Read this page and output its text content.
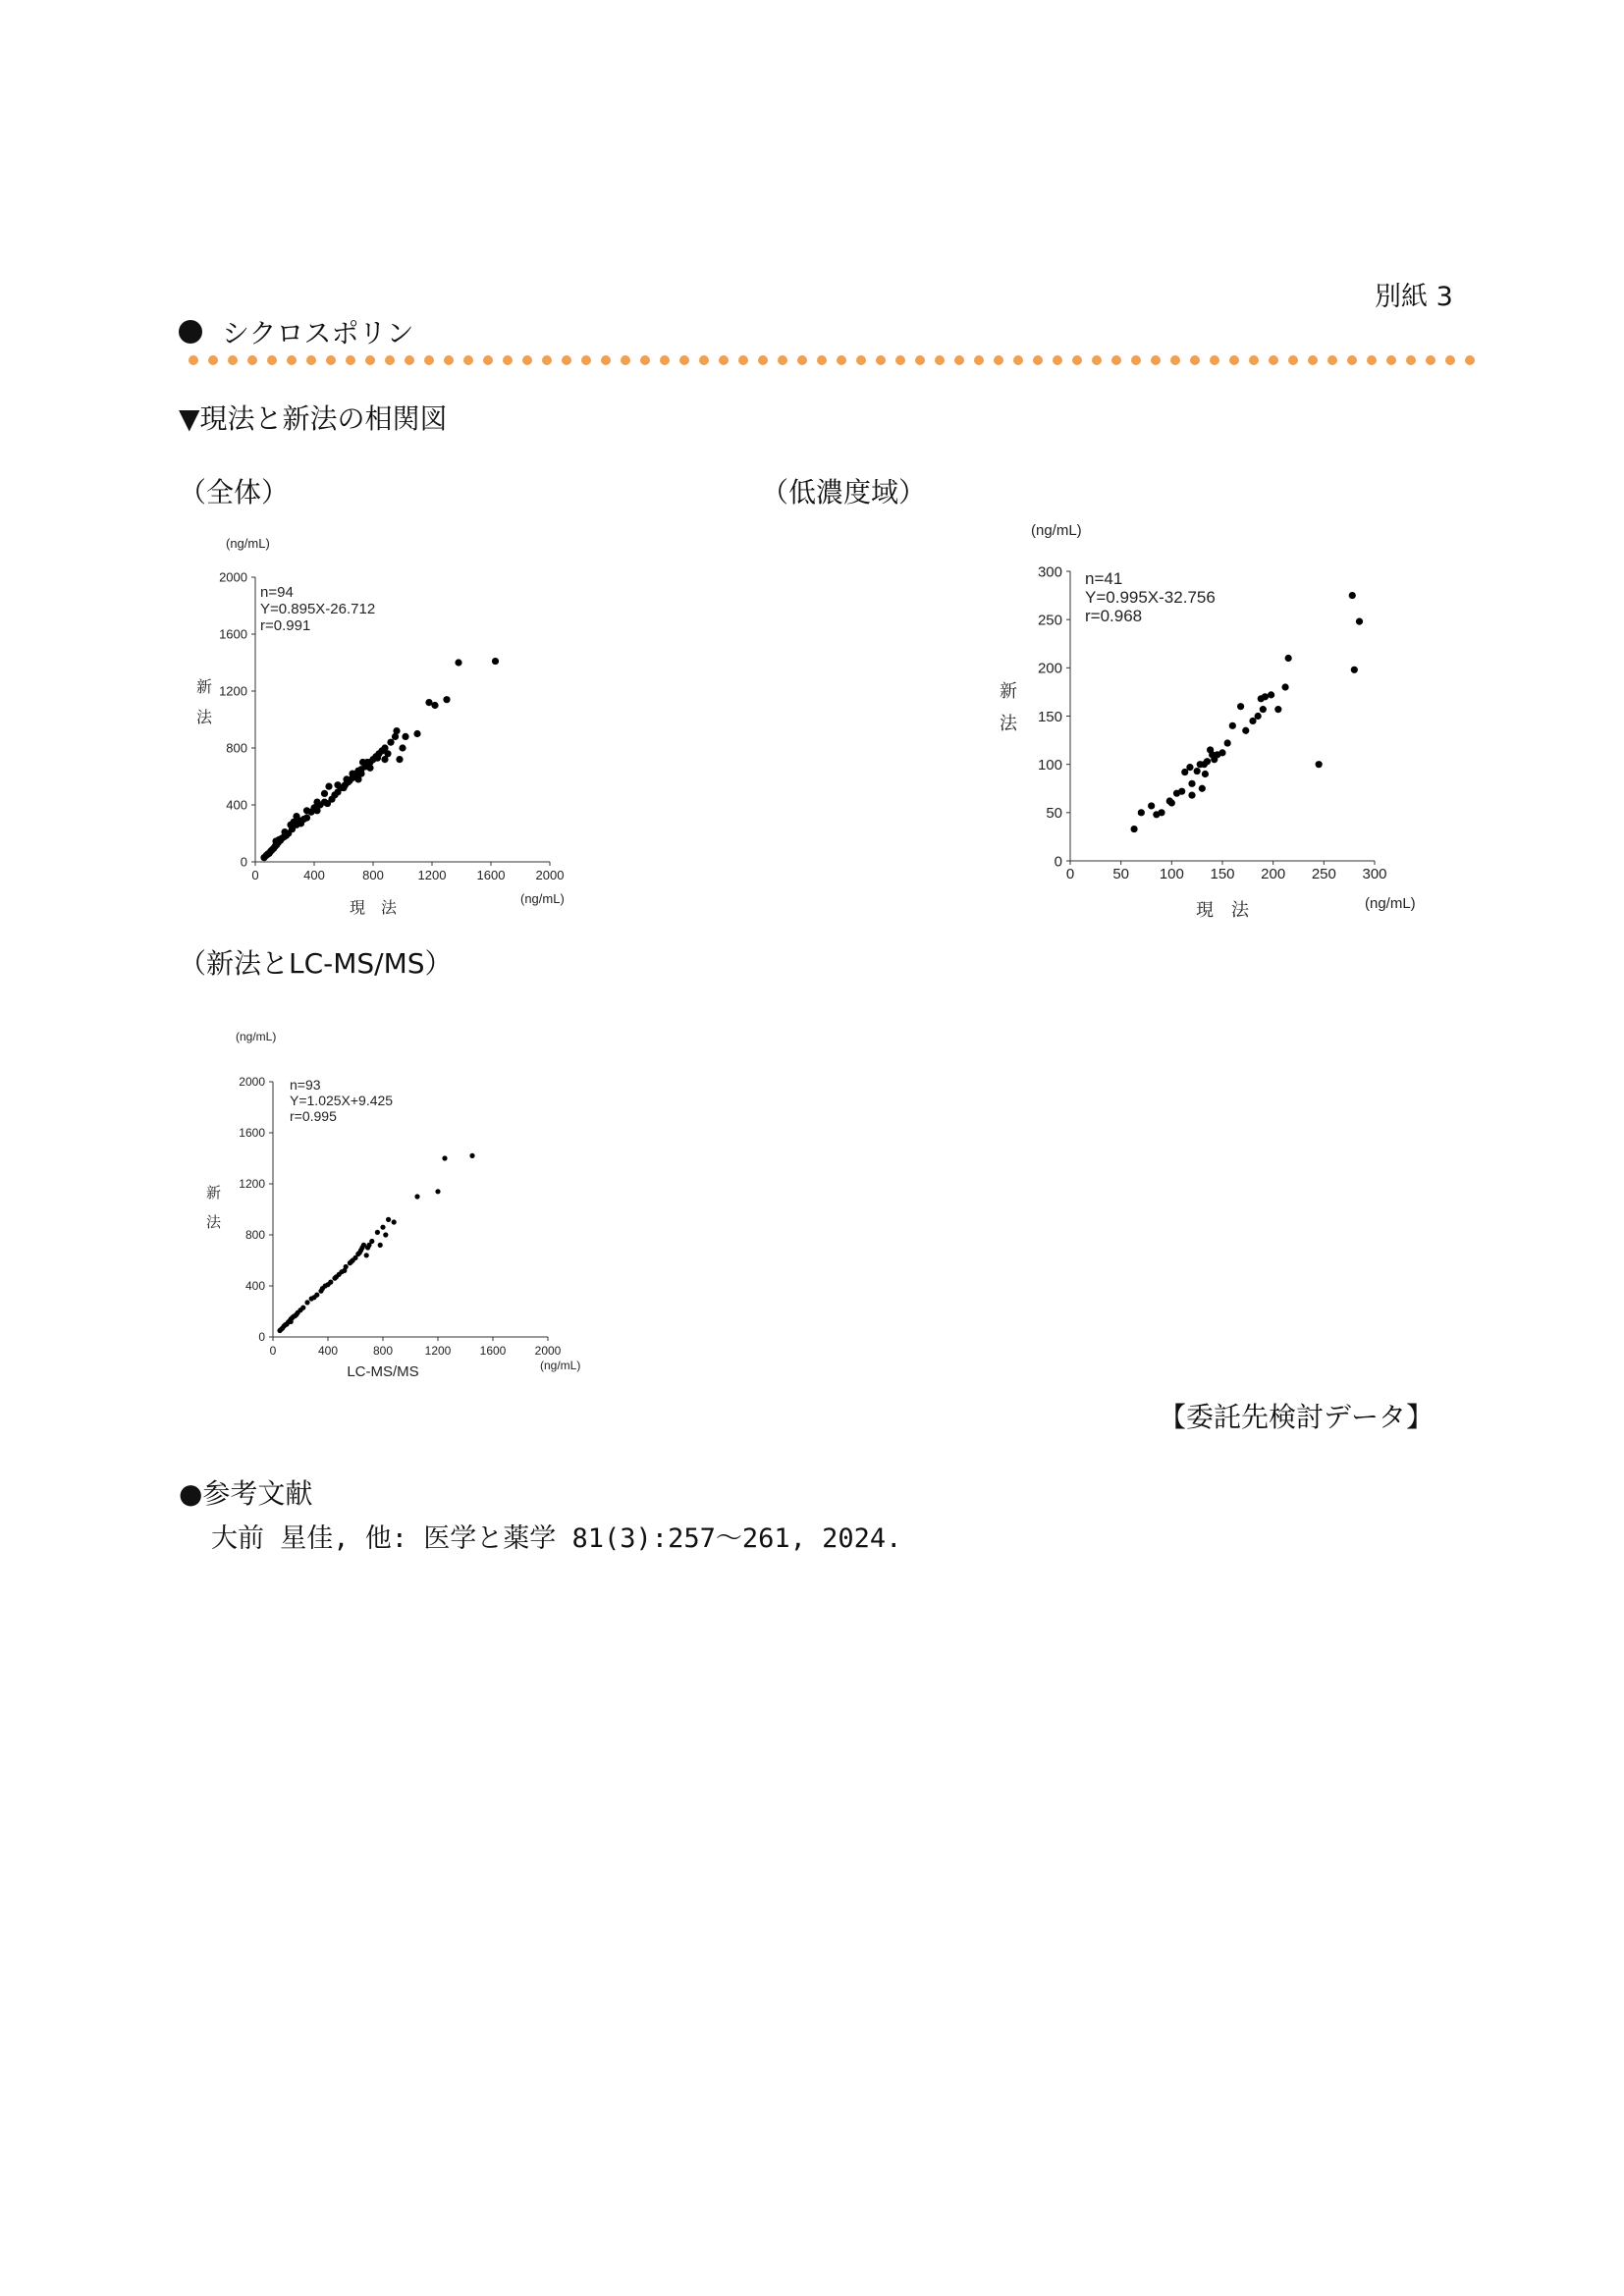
別紙 3
シクロスポリン
▼現法と新法の相関図
（全体）
0	400	800	1200 1600 2000
0
400
800
1200
1600
2000
(ng/mL)
(ng/mL)
現　法
新法
n=94
Y=0.895X-26.712
r=0.991
（低濃度域）
0	50 100 150 200 250 300
0
50
100
150
200
250
300
(ng/mL)
(ng/mL)
現　法
新法
n=41
Y=0.995X-32.756
r=0.968
（新法とLC-MS/MS）
0	400	800	1200 1600 2000
0
400
800
1200
1600
2000
(ng/mL)
(ng/mL)
LC-MS/MS
新法
n=93
Y=1.025X+9.425
r=0.995
【委託先検討データ】
●参考文献
大前 星佳, 他: 医学と薬学 81(3):257～261, 2024.
